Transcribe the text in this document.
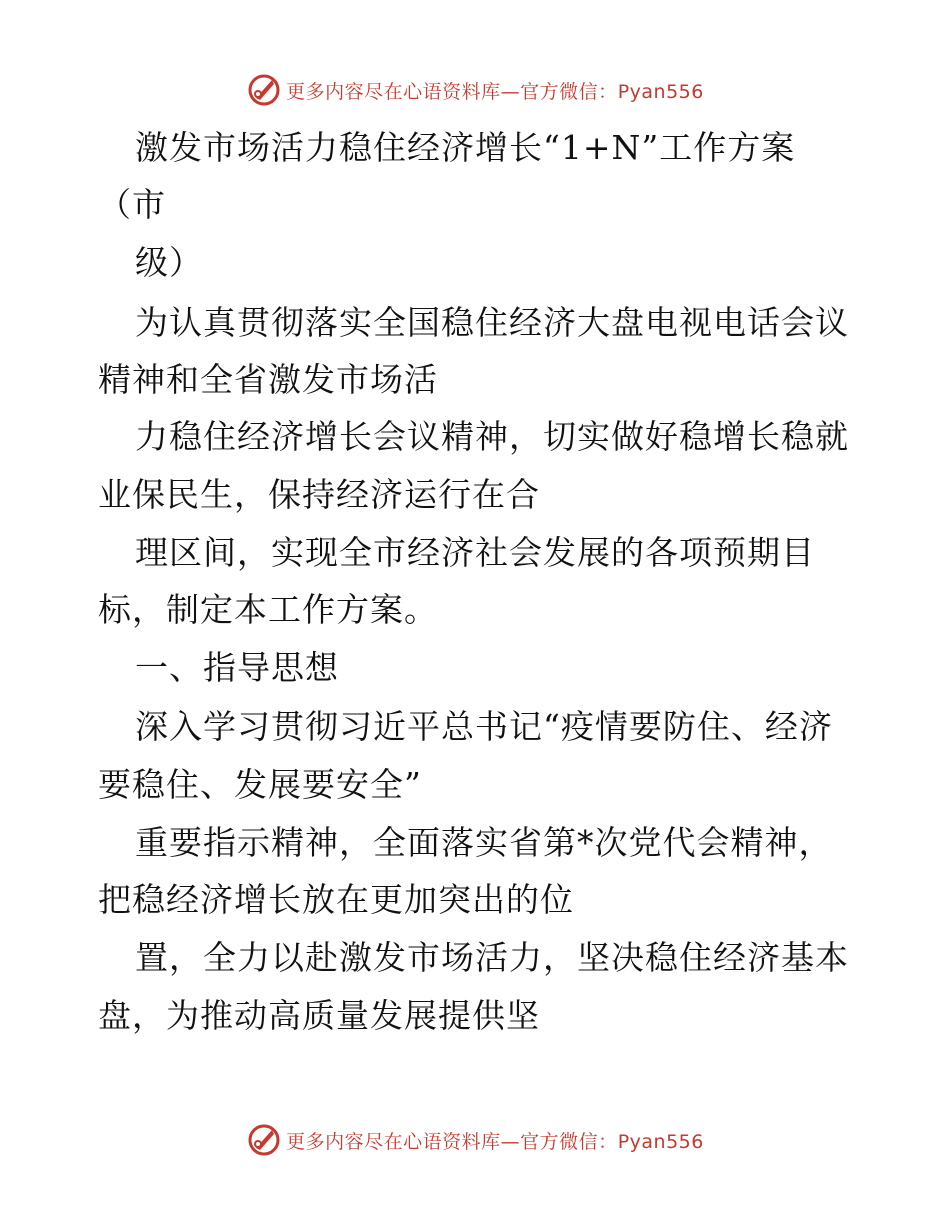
更多内容尽在心语资料库—官方微信：Pyan556
激发市场活力稳住经济增长“1+N”工作方案
（市
级）
为认真贯彻落实全国稳住经济大盘电视电话会议
精神和全省激发市场活
力稳住经济增长会议精神，切实做好稳增长稳就
业保民生，保持经济运行在合
理区间，实现全市经济社会发展的各项预期目
标，制定本工作方案。
一、指导思想
深入学习贯彻习近平总书记“疫情要防住、经济
要稳住、发展要安全”
重要指示精神，全面落实省第*次党代会精神，
把稳经济增长放在更加突出的位
置，全力以赴激发市场活力，坚决稳住经济基本
盘，为推动高质量发展提供坚
更多内容尽在心语资料库—官方微信：Pyan556
